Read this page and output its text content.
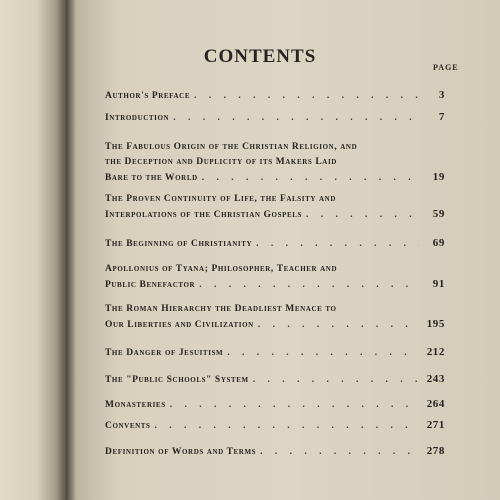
CONTENTS
PAGE
Author's Preface . . .	3
Introduction . . .	7
The Fabulous Origin of the Christian Religion, and
the Deception and Duplicity of its Makers Laid
Bare to the World . . .	19
The Proven Continuity of Life, the Falsity and
Interpolations of the Christian Gospels . . .	59
The Beginning of Christianity . . .	69
Apollonius of Tyana; Philosopher, Teacher and
Public Benefactor . . .	91
The Roman Hierarchy the Deadliest Menace to
Our Liberties and Civilization . . .	195
The Danger of Jesuitism . . .	212
The "Public Schools" System . . .	243
Monasteries . . .	264
Convents . . .	271
Definition of Words and Terms . . .	278
